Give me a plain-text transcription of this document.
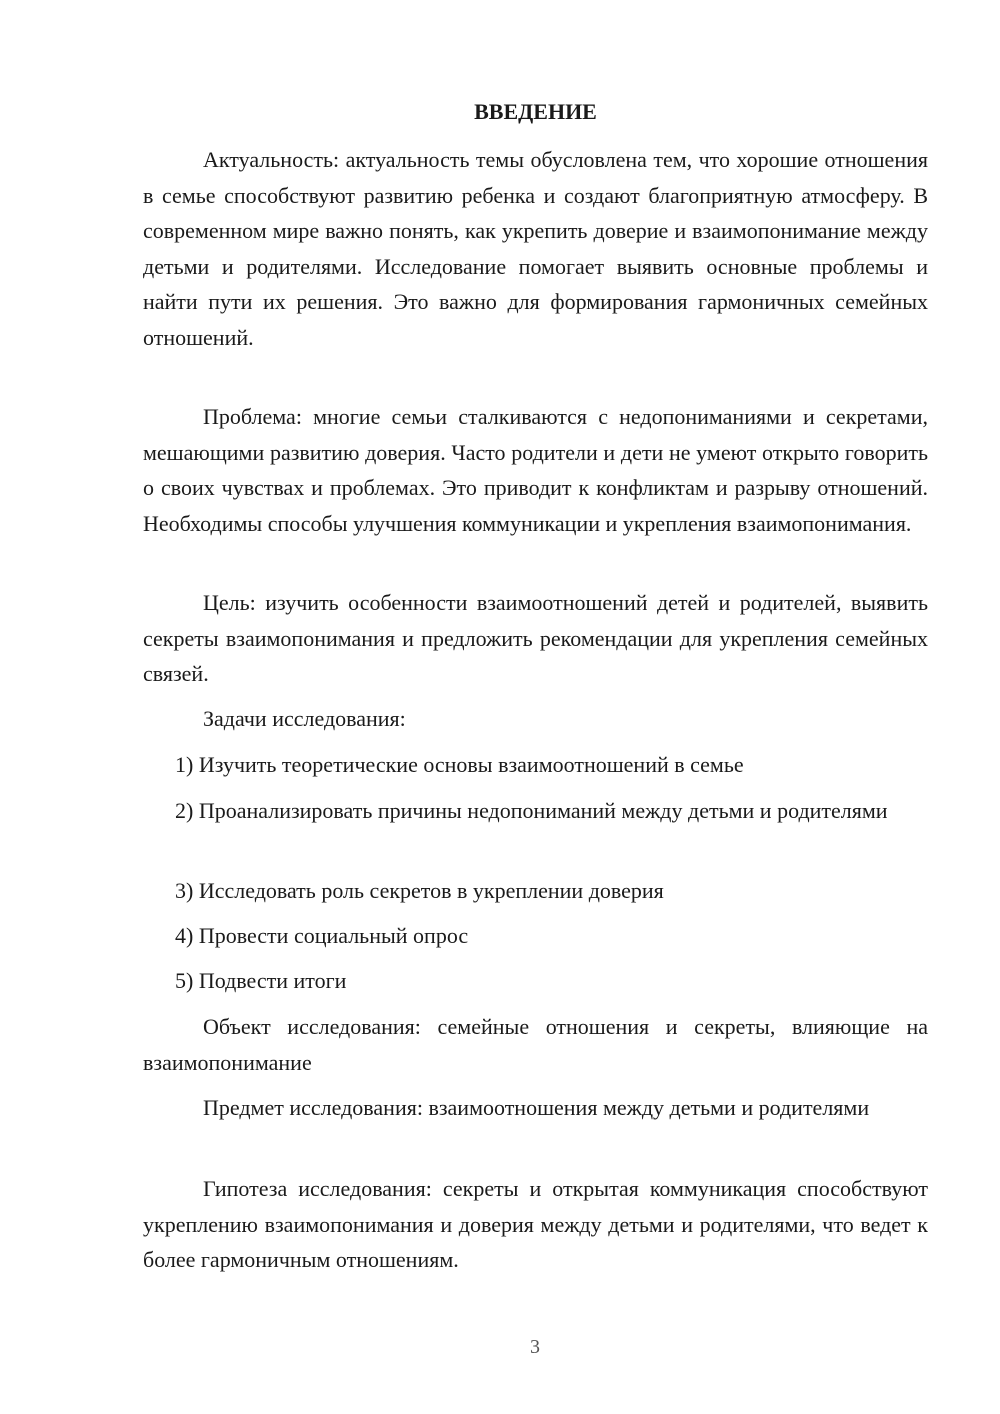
ВВЕДЕНИЕ

Актуальность: актуальность темы обусловлена тем, что хорошие отношения в семье способствуют развитию ребенка и создают благоприятную атмосферу. В современном мире важно понять, как укрепить доверие и взаимопонимание между детьми и родителями. Исследование помогает выявить основные проблемы и найти пути их решения. Это важно для формирования гармоничных семейных отношений.

Проблема: многие семьи сталкиваются с недопониманиями и секретами, мешающими развитию доверия. Часто родители и дети не умеют открыто говорить о своих чувствах и проблемах. Это приводит к конфликтам и разрыву отношений. Необходимы способы улучшения коммуникации и укрепления взаимопонимания.

Цель: изучить особенности взаимоотношений детей и родителей, выявить секреты взаимопонимания и предложить рекомендации для укрепления семейных связей.

Задачи исследования:

1) Изучить теоретические основы взаимоотношений в семье

2) Проанализировать причины недопониманий между детьми и родителями

3) Исследовать роль секретов в укреплении доверия

4) Провести социальный опрос

5) Подвести итоги

Объект исследования: семейные отношения и секреты, влияющие на взаимопонимание

Предмет исследования: взаимоотношения между детьми и родителями

Гипотеза исследования: секреты и открытая коммуникация способствуют укреплению взаимопонимания и доверия между детьми и родителями, что ведет к более гармоничным отношениям.

3
